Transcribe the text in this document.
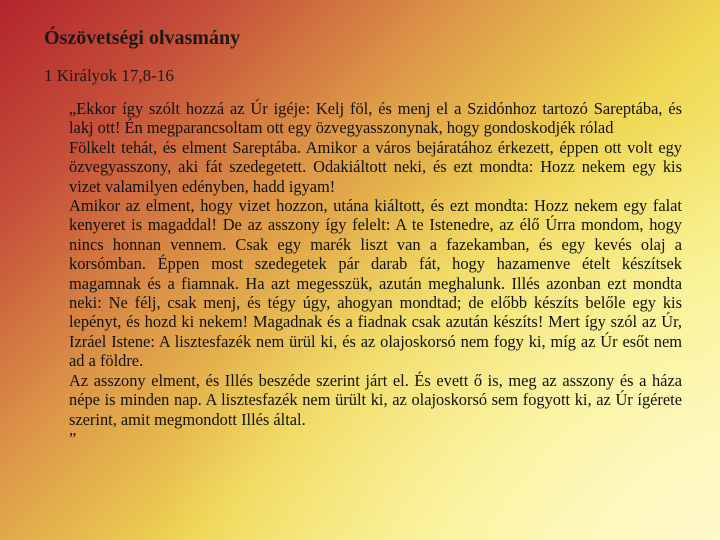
Ószövetségi olvasmány
1 Királyok 17,8-16

„Ekkor így szólt hozzá az Úr igéje: Kelj föl, és menj el a Szidónhoz tartozó Sareptába, és lakj ott! Én megparancsoltam ott egy özvegyasszonynak, hogy gondoskodjék rólad

Fölkelt tehát, és elment Sareptába. Amikor a város bejáratához érkezett, éppen ott volt egy özvegyasszony, aki fát szedegetett. Odakiáltott neki, és ezt mondta: Hozz nekem egy kis vizet valamilyen edényben, hadd igyam!

Amikor az elment, hogy vizet hozzon, utána kiáltott, és ezt mondta: Hozz nekem egy falat kenyeret is magaddal! De az asszony így felelt: A te Istenedre, az élő Úrra mondom, hogy nincs honnan vennem. Csak egy marék liszt van a fazekamban, és egy kevés olaj a korsómban. Éppen most szedegetek pár darab fát, hogy hazamenve ételt készítsek magamnak és a fiamnak. Ha azt megesszük, azután meghalunk. Illés azonban ezt mondta neki: Ne félj, csak menj, és tégy úgy, ahogyan mondtad; de előbb készíts belőle egy kis lepényt, és hozd ki nekem! Magadnak és a fiadnak csak azután készíts! Mert így szól az Úr, Izráel Istene: A lisztesfazék nem ürül ki, és az olajoskorsó nem fogy ki, míg az Úr esőt nem ad a földre.

Az asszony elment, és Illés beszéde szerint járt el. És evett ő is, meg az asszony és a háza népe is minden nap. A lisztesfazék nem ürült ki, az olajoskorsó sem fogyott ki, az Úr ígérete szerint, amit megmondott Illés által.

”
